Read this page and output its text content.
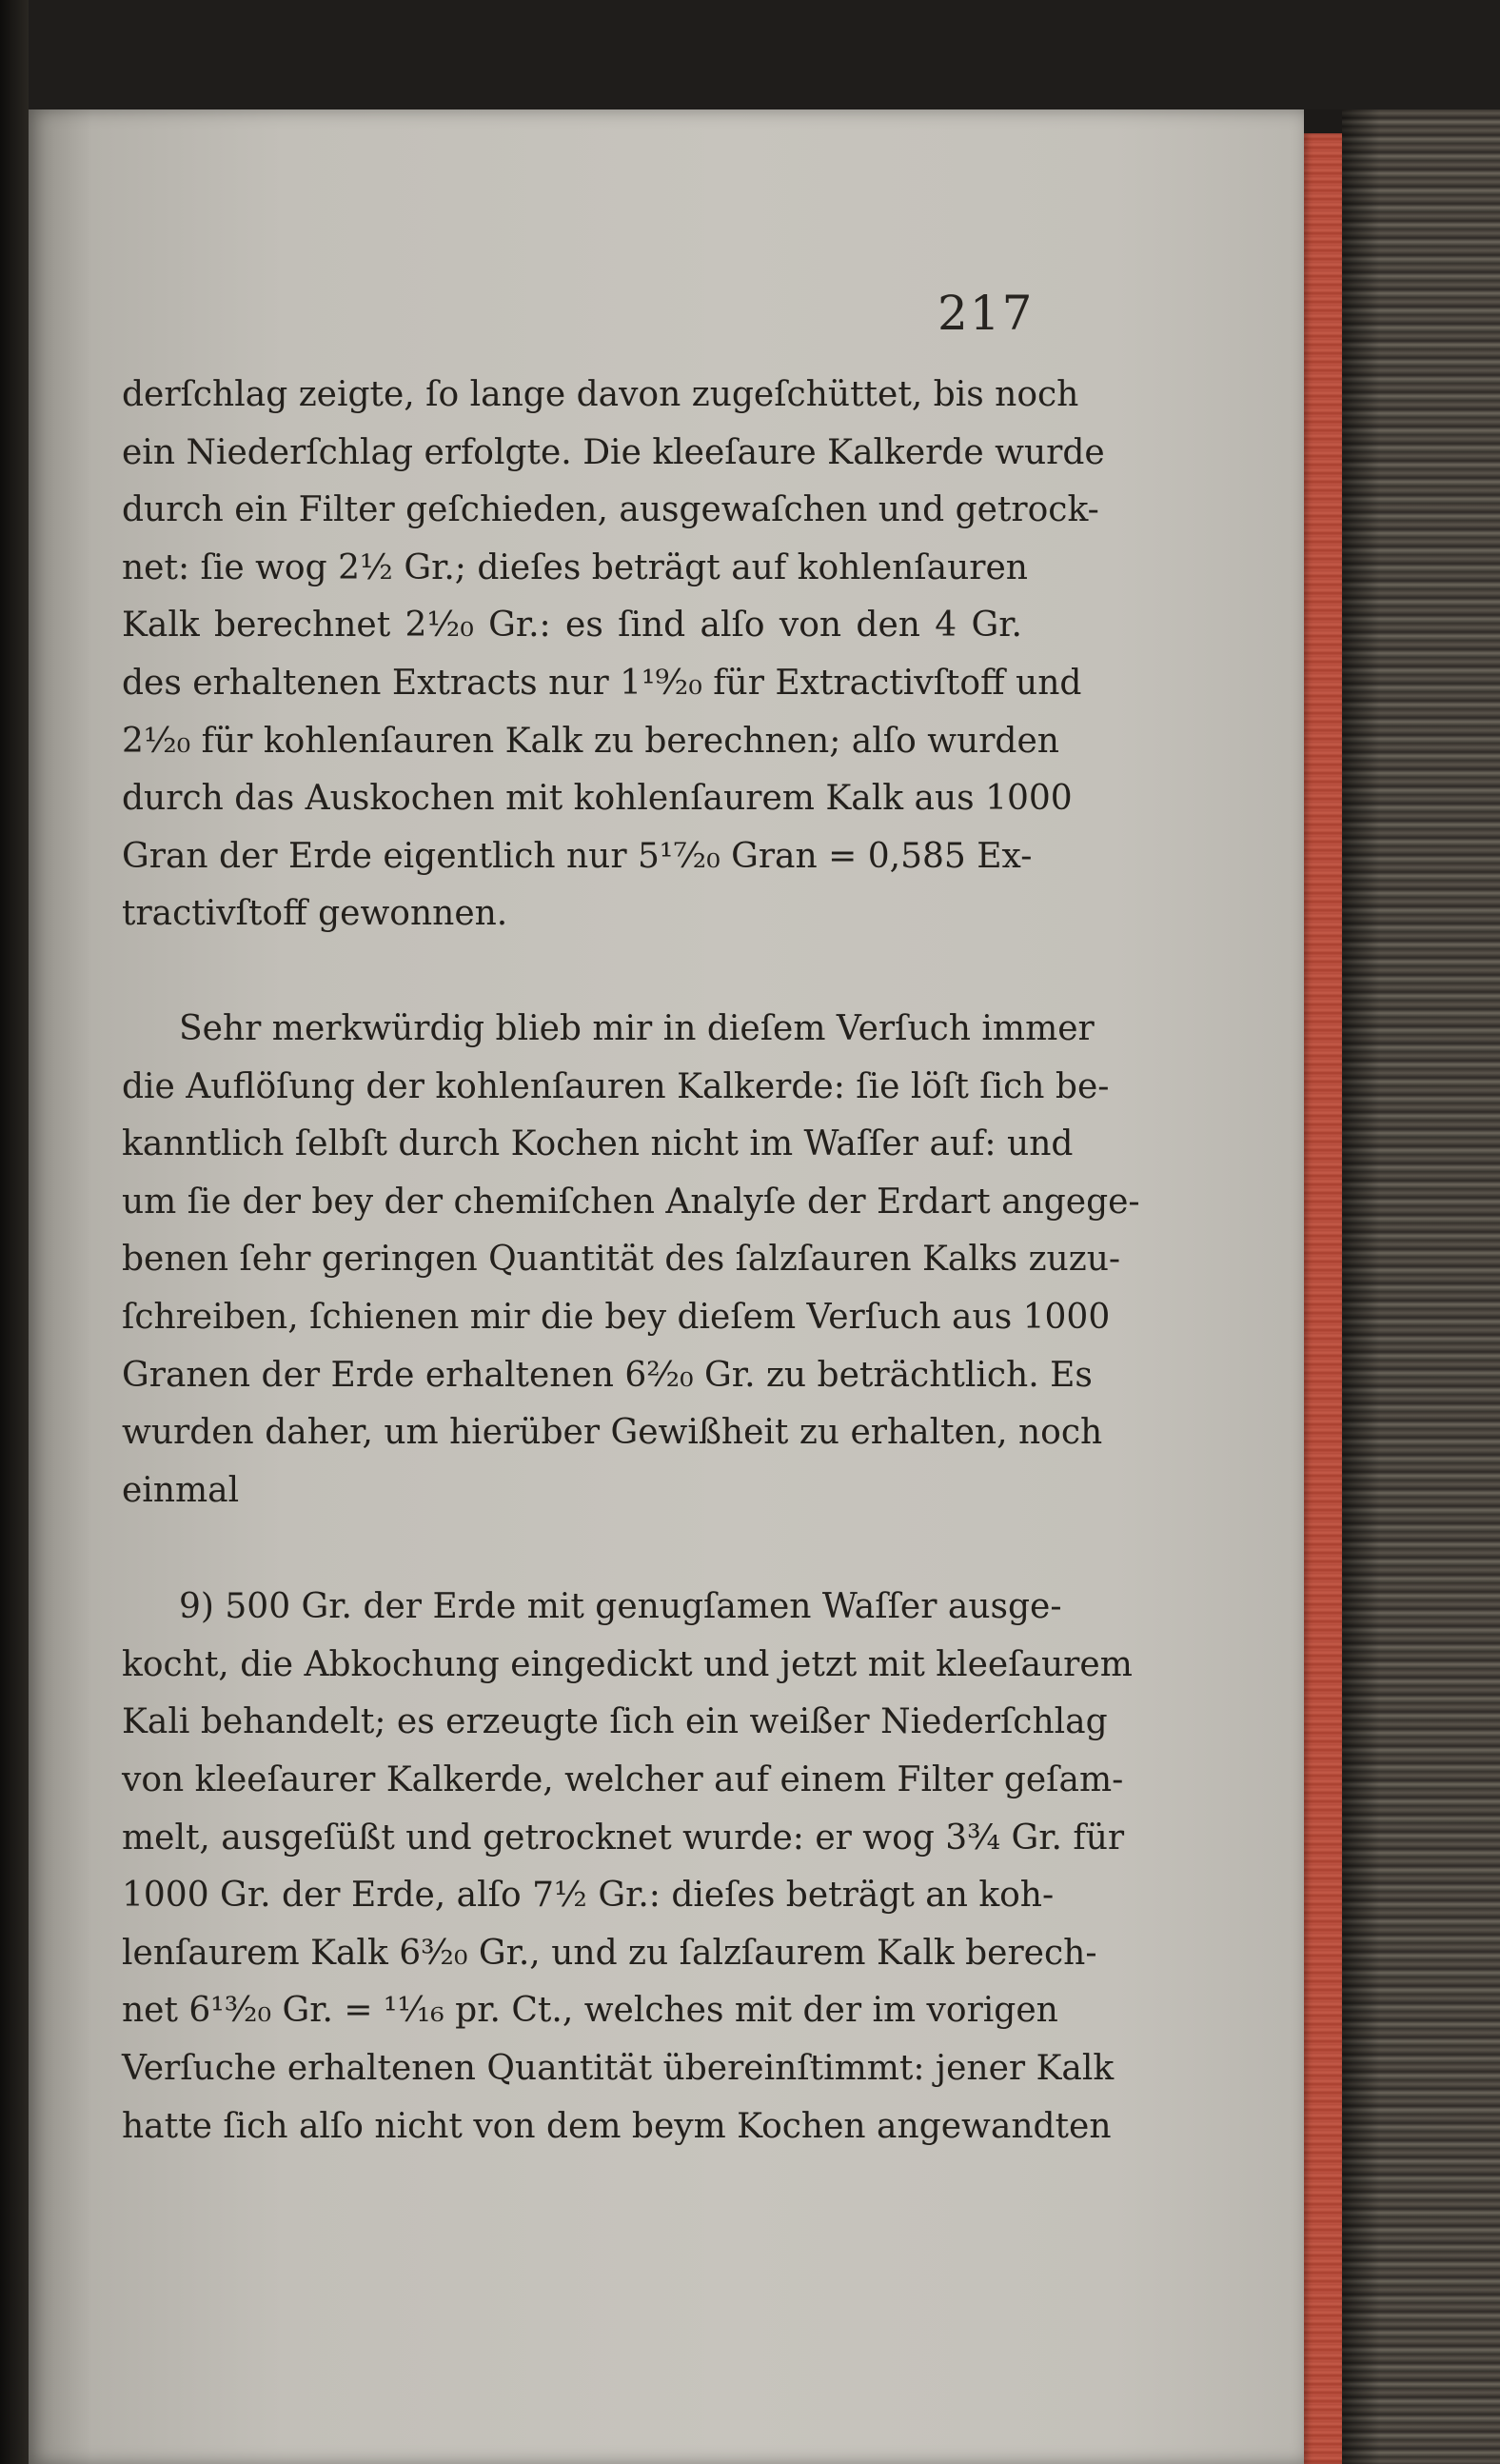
217

derſchlag zeigte, ſo lange davon zugeſchüttet, bis noch
ein Niederſchlag erfolgte. Die kleeſaure Kalkerde wurde
durch ein Filter geſchieden, ausgewaſchen und getrock-
net: ſie wog 2½ Gr.; dieſes beträgt auf kohlenſauren
Kalk berechnet 2¹⁄₂₀ Gr.: es ſind alſo von den 4 Gr.
des erhaltenen Extracts nur 1¹⁹⁄₂₀ für Extractivſtoff und
2¹⁄₂₀ für kohlenſauren Kalk zu berechnen; alſo wurden
durch das Auskochen mit kohlenſaurem Kalk aus 1000
Gran der Erde eigentlich nur 5¹⁷⁄₂₀ Gran = 0,585 Ex-
tractivſtoff gewonnen.

Sehr merkwürdig blieb mir in dieſem Verſuch immer
die Auflöſung der kohlenſauren Kalkerde: ſie löſt ſich be-
kanntlich ſelbſt durch Kochen nicht im Waſſer auf: und
um ſie der bey der chemiſchen Analyſe der Erdart angege-
benen ſehr geringen Quantität des ſalzſauren Kalks zuzu-
ſchreiben, ſchienen mir die bey dieſem Verſuch aus 1000
Granen der Erde erhaltenen 6²⁄₂₀ Gr. zu beträchtlich. Es
wurden daher, um hierüber Gewißheit zu erhalten, noch
einmal

9) 500 Gr. der Erde mit genugſamen Waſſer ausge-
kocht, die Abkochung eingedickt und jetzt mit kleeſaurem
Kali behandelt; es erzeugte ſich ein weißer Niederſchlag
von kleeſaurer Kalkerde, welcher auf einem Filter geſam-
melt, ausgeſüßt und getrocknet wurde: er wog 3¾ Gr. für
1000 Gr. der Erde, alſo 7½ Gr.: dieſes beträgt an koh-
lenſaurem Kalk 6³⁄₂₀ Gr., und zu ſalzſaurem Kalk berech-
net 6¹³⁄₂₀ Gr. = ¹¹⁄₁₆ pr. Ct., welches mit der im vorigen
Verſuche erhaltenen Quantität übereinſtimmt: jener Kalk
hatte ſich alſo nicht von dem beym Kochen angewandten
